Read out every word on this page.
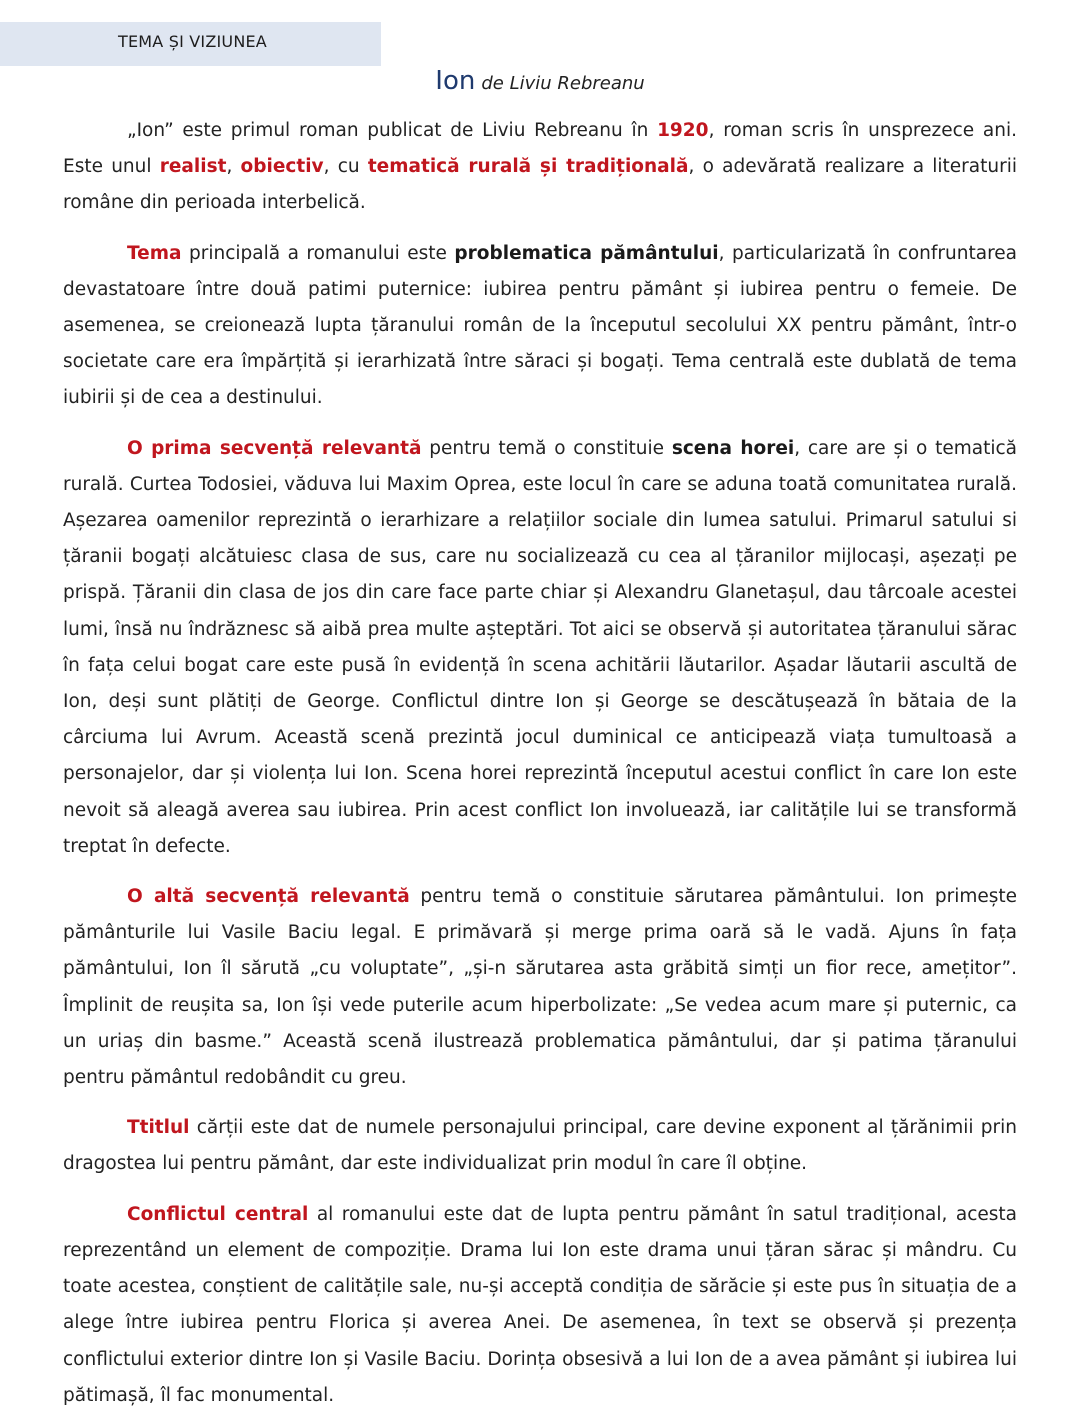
TEMA ȘI VIZIUNEA
Ion de Liviu Rebreanu

„Ion” este primul roman publicat de Liviu Rebreanu în 1920, roman scris în unsprezece ani. Este unul realist, obiectiv, cu tematică rurală și tradițională, o adevărată realizare a literaturii române din perioada interbelică.

Tema principală a romanului este problematica pământului, particularizată în confruntarea devastatoare între două patimi puternice: iubirea pentru pământ și iubirea pentru o femeie. De asemenea, se creionează lupta țăranului român de la începutul secolului XX pentru pământ, într-o societate care era împărțită și ierarhizată între săraci și bogați. Tema centrală este dublată de tema iubirii și de cea a destinului.

O prima secvență relevantă pentru temă o constituie scena horei, care are și o tematică rurală. Curtea Todosiei, văduva lui Maxim Oprea, este locul în care se aduna toată comunitatea rurală. Așezarea oamenilor reprezintă o ierarhizare a relațiilor sociale din lumea satului. Primarul satului si țăranii bogați alcătuiesc clasa de sus, care nu socializează cu cea al țăranilor mijlocași, așezați pe prispă. Țăranii din clasa de jos din care face parte chiar și Alexandru Glanetașul, dau târcoale acestei lumi, însă nu îndrăznesc să aibă prea multe așteptări. Tot aici se observă și autoritatea țăranului sărac în fața celui bogat care este pusă în evidență în scena achitării lăutarilor. Așadar lăutarii ascultă de Ion, deși sunt plătiți de George. Conflictul dintre Ion și George se descătușează în bătaia de la cârciuma lui Avrum. Această scenă prezintă jocul duminical ce anticipează viața tumultoasă a personajelor, dar și violența lui Ion. Scena horei reprezintă începutul acestui conflict în care Ion este nevoit să aleagă averea sau iubirea. Prin acest conflict Ion involuează, iar calitățile lui se transformă treptat în defecte.

O altă secvență relevantă pentru temă o constituie sărutarea pământului. Ion primește pământurile lui Vasile Baciu legal. E primăvară și merge prima oară să le vadă. Ajuns în fața pământului, Ion îl sărută „cu voluptate”, „și-n sărutarea asta grăbită simți un fior rece, amețitor”. Împlinit de reușita sa, Ion își vede puterile acum hiperbolizate: „Se vedea acum mare și puternic, ca un uriaș din basme.” Această scenă ilustrează problematica pământului, dar și patima țăranului pentru pământul redobândit cu greu.

Ttitlul cărții este dat de numele personajului principal, care devine exponent al țărănimii prin dragostea lui pentru pământ, dar este individualizat prin modul în care îl obține.

Conflictul central al romanului este dat de lupta pentru pământ în satul tradițional, acesta reprezentând un element de compoziție. Drama lui Ion este drama unui țăran sărac și mândru. Cu toate acestea, conștient de calitățile sale, nu-și acceptă condiția de sărăcie și este pus în situația de a alege între iubirea pentru Florica și averea Anei. De asemenea, în text se observă și prezența conflictului exterior dintre Ion și Vasile Baciu. Dorința obsesivă a lui Ion de a avea pământ și iubirea lui pătimașă, îl fac monumental.
